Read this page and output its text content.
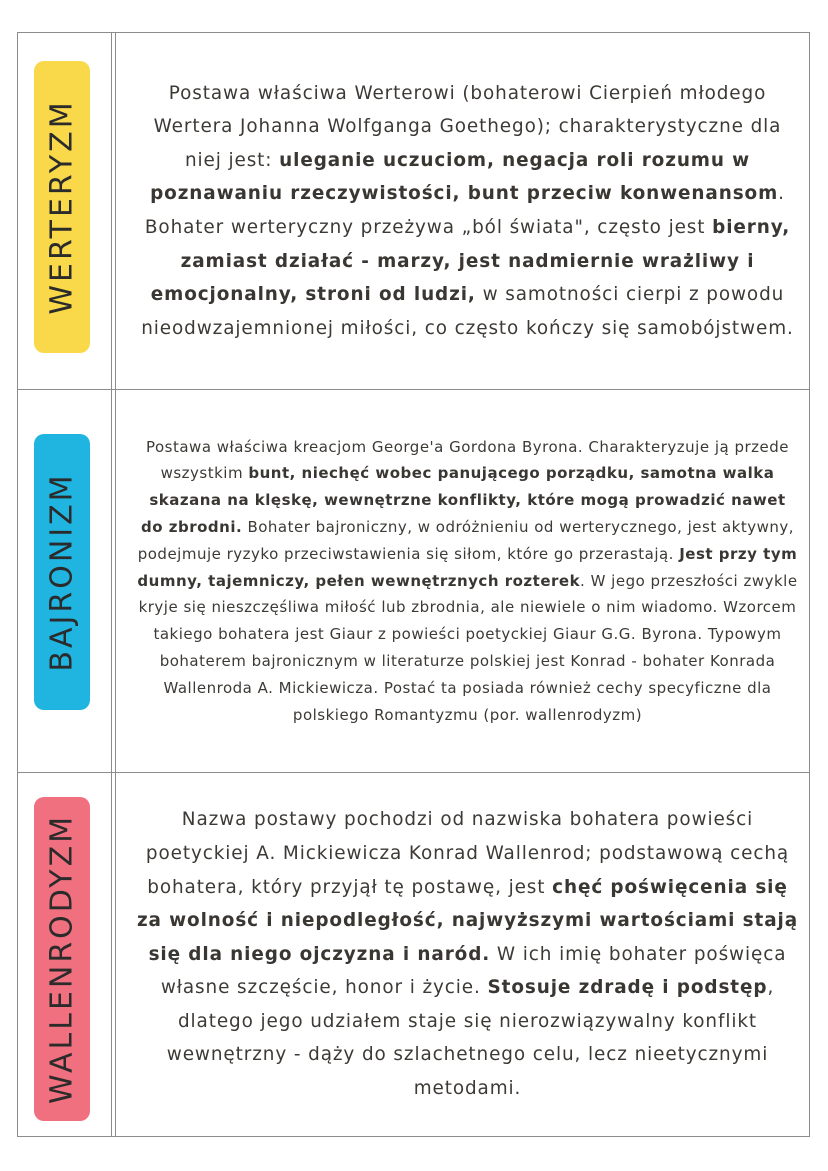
WERTERYZM

Postawa właściwa Werterowi (bohaterowi Cierpień młodego Wertera Johanna Wolfganga Goethego); charakterystyczne dla niej jest: uleganie uczuciom, negacja roli rozumu w poznawaniu rzeczywistości, bunt przeciw konwenansom. Bohater werteryczny przeżywa „ból świata", często jest bierny, zamiast działać - marzy, jest nadmiernie wrażliwy i emocjonalny, stroni od ludzi, w samotności cierpi z powodu nieodwzajemnionej miłości, co często kończy się samobójstwem.

BAJRONIZM

Postawa właściwa kreacjom George'a Gordona Byrona. Charakteryzuje ją przede wszystkim bunt, niechęć wobec panującego porządku, samotna walka skazana na klęskę, wewnętrzne konflikty, które mogą prowadzić nawet do zbrodni. Bohater bajroniczny, w odróżnieniu od werterycznego, jest aktywny, podejmuje ryzyko przeciwstawienia się siłom, które go przerastają. Jest przy tym dumny, tajemniczy, pełen wewnętrznych rozterek. W jego przeszłości zwykle kryje się nieszczęśliwa miłość lub zbrodnia, ale niewiele o nim wiadomo. Wzorcem takiego bohatera jest Giaur z powieści poetyckiej Giaur G.G. Byrona. Typowym bohaterem bajronicznym w literaturze polskiej jest Konrad - bohater Konrada Wallenroda A. Mickiewicza. Postać ta posiada również cechy specyficzne dla polskiego Romantyzmu (por. wallenrodyzm)

WALLENRODYZM	Nazwa postawy pochodzi od nazwiska bohatera powieści poetyckiej A. Mickiewicza Konrad Wallenrod; podstawową cechą bohatera, który przyjął tę postawę, jest chęć poświęcenia się za wolność i niepodległość, najwyższymi wartościami stają się dla niego ojczyzna i naród. W ich imię bohater poświęca własne szczęście, honor i życie. Stosuje zdradę i podstęp, dlatego jego udziałem staje się nierozwiązywalny konflikt wewnętrzny - dąży do szlachetnego celu, lecz nieetycznymi metodami.
